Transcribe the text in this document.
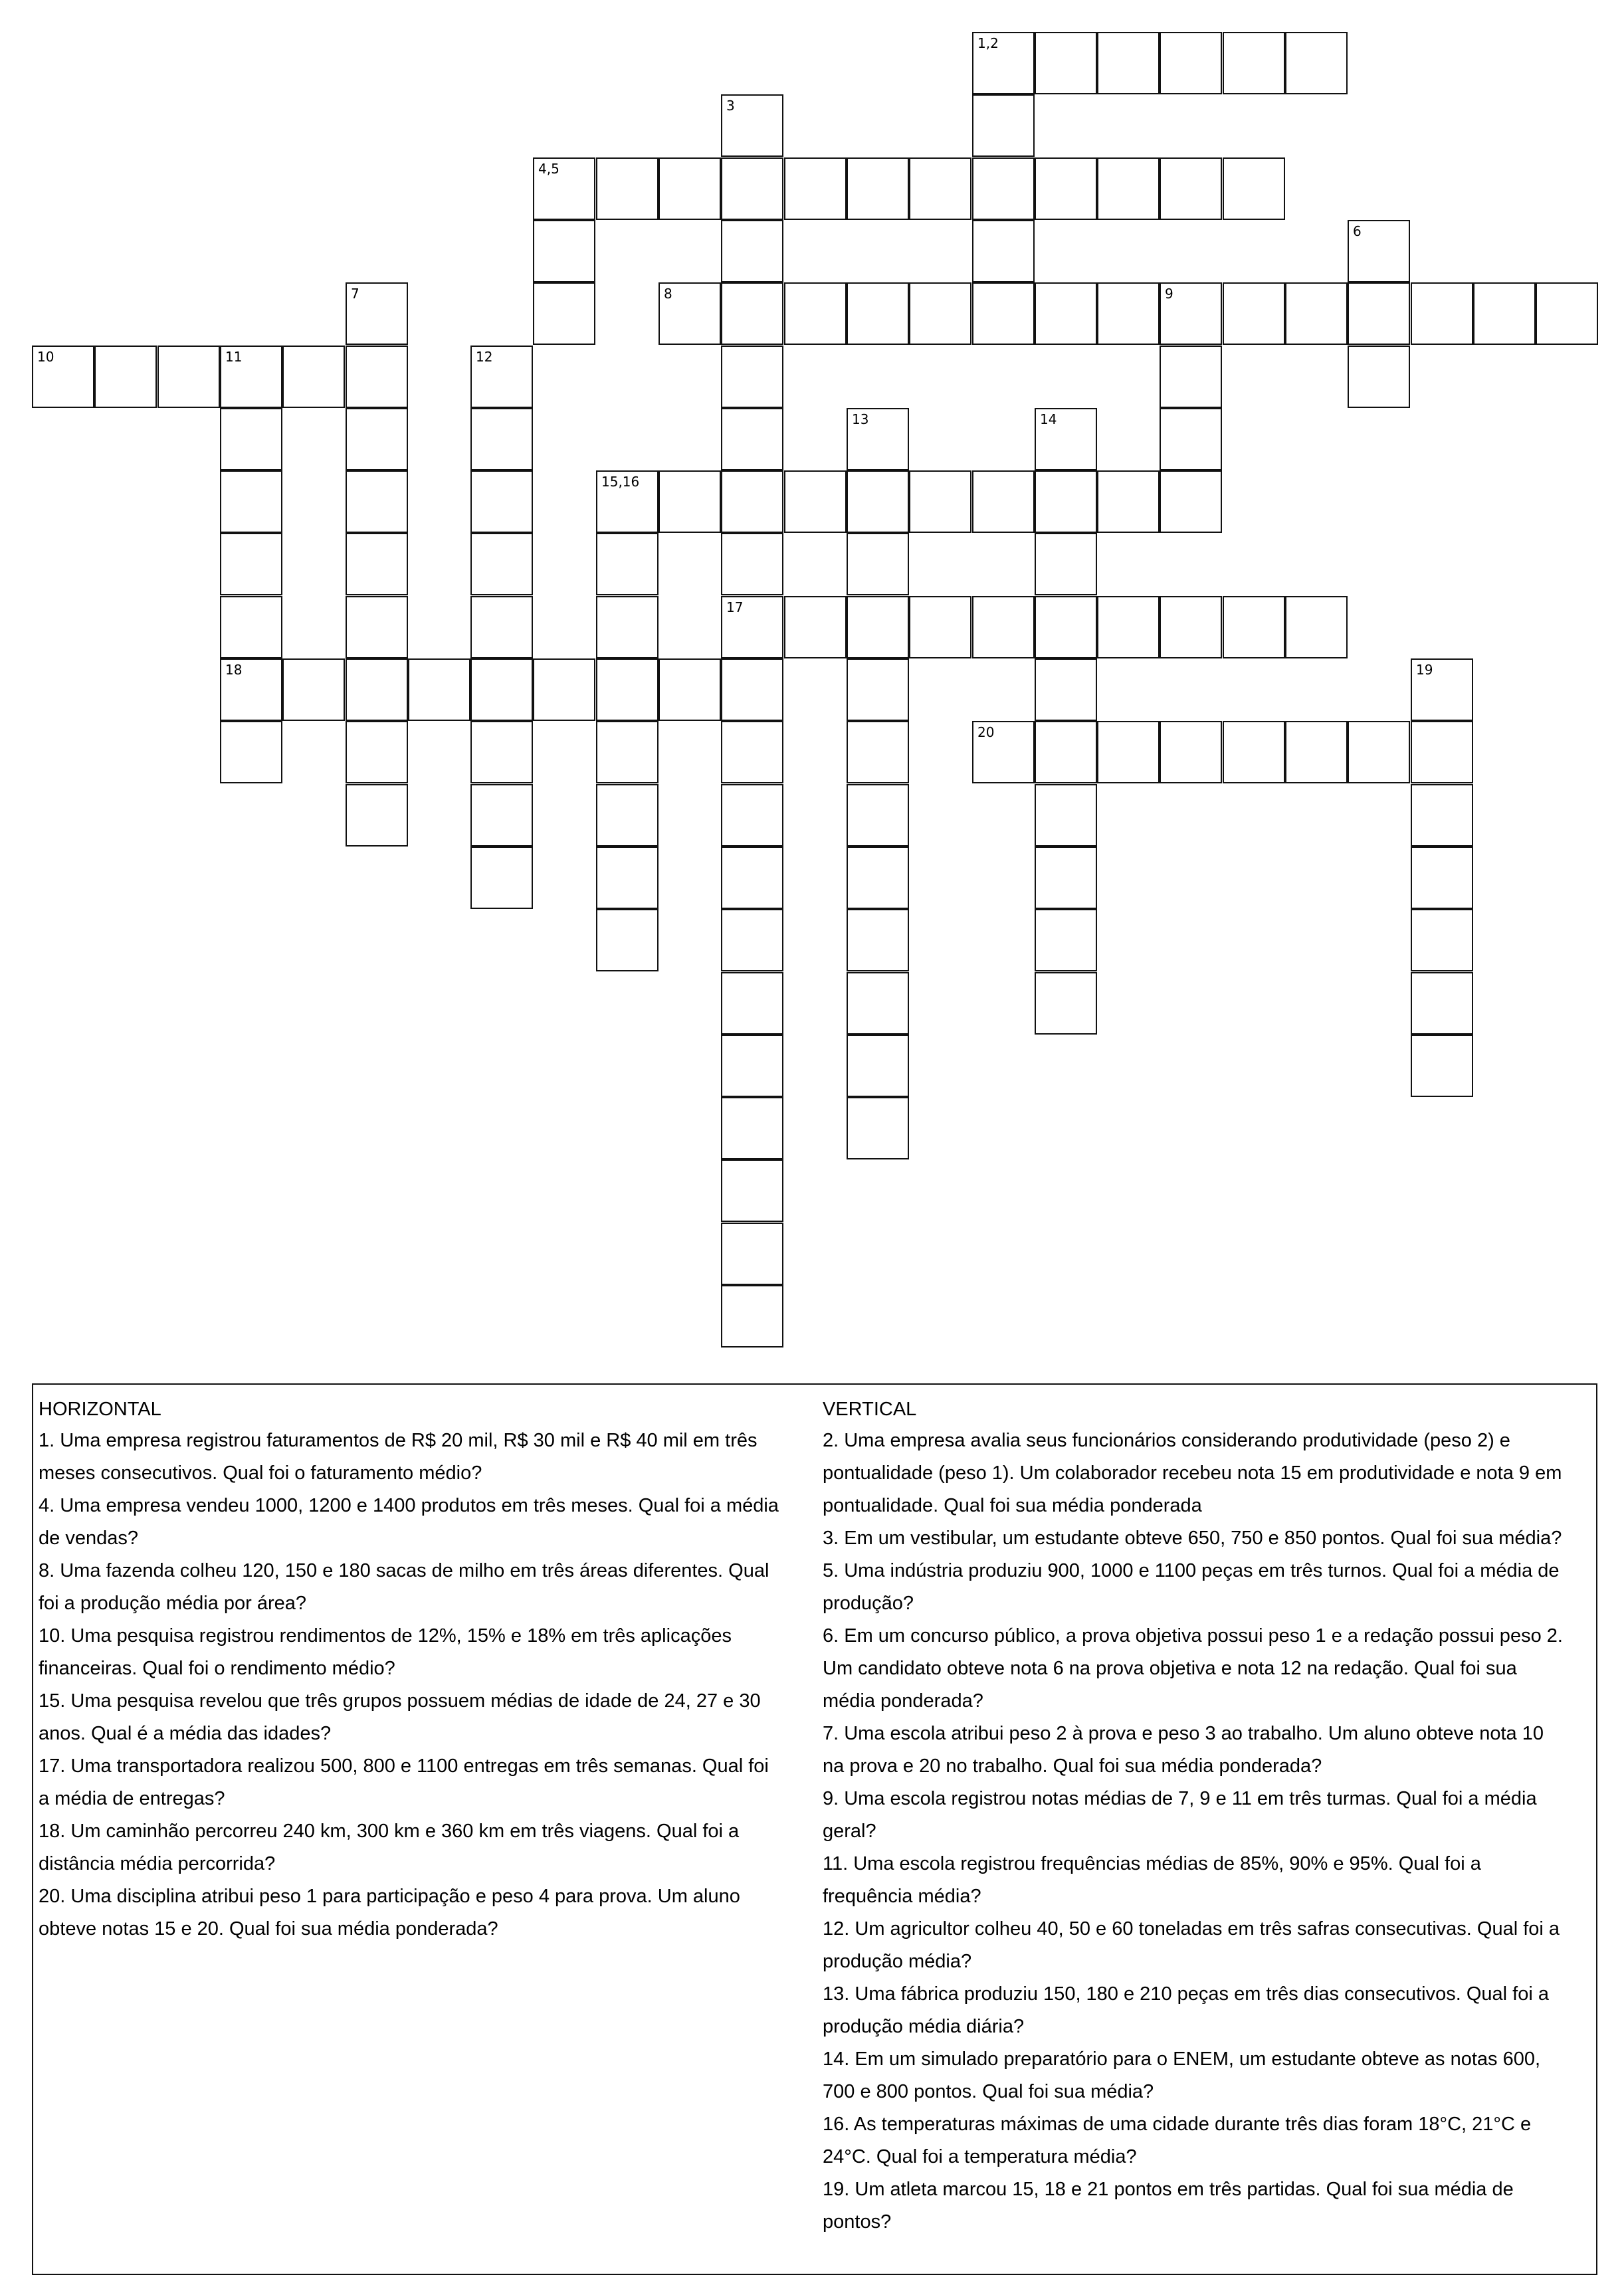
1,2
3
4,5
6
7	8	9
10	11	12
13	14
15,16
17
18	19
20
HORIZONTAL

1. Uma empresa registrou faturamentos de R$ 20 mil, R$ 30 mil e R$ 40 mil em três

meses consecutivos. Qual foi o faturamento médio?

4. Uma empresa vendeu 1000, 1200 e 1400 produtos em três meses. Qual foi a média

de vendas?

8. Uma fazenda colheu 120, 150 e 180 sacas de milho em três áreas diferentes. Qual

foi a produção média por área?

10. Uma pesquisa registrou rendimentos de 12%, 15% e 18% em três aplicações

financeiras. Qual foi o rendimento médio?

15. Uma pesquisa revelou que três grupos possuem médias de idade de 24, 27 e 30

anos. Qual é a média das idades?

17. Uma transportadora realizou 500, 800 e 1100 entregas em três semanas. Qual foi

a média de entregas?

18. Um caminhão percorreu 240 km, 300 km e 360 km em três viagens. Qual foi a

distância média percorrida?

20. Uma disciplina atribui peso 1 para participação e peso 4 para prova. Um aluno

obteve notas 15 e 20. Qual foi sua média ponderada?

VERTICAL

2. Uma empresa avalia seus funcionários considerando produtividade (peso 2) e

pontualidade (peso 1). Um colaborador recebeu nota 15 em produtividade e nota 9 em

pontualidade. Qual foi sua média ponderada

3. Em um vestibular, um estudante obteve 650, 750 e 850 pontos. Qual foi sua média?

5. Uma indústria produziu 900, 1000 e 1100 peças em três turnos. Qual foi a média de

produção?

6. Em um concurso público, a prova objetiva possui peso 1 e a redação possui peso 2.

Um candidato obteve nota 6 na prova objetiva e nota 12 na redação. Qual foi sua

média ponderada?

7. Uma escola atribui peso 2 à prova e peso 3 ao trabalho. Um aluno obteve nota 10

na prova e 20 no trabalho. Qual foi sua média ponderada?

9. Uma escola registrou notas médias de 7, 9 e 11 em três turmas. Qual foi a média

geral?

11. Uma escola registrou frequências médias de 85%, 90% e 95%. Qual foi a

frequência média?

12. Um agricultor colheu 40, 50 e 60 toneladas em três safras consecutivas. Qual foi a

produção média?

13. Uma fábrica produziu 150, 180 e 210 peças em três dias consecutivos. Qual foi a

produção média diária?

14. Em um simulado preparatório para o ENEM, um estudante obteve as notas 600,

700 e 800 pontos. Qual foi sua média?

16. As temperaturas máximas de uma cidade durante três dias foram 18°C, 21°C e

24°C. Qual foi a temperatura média?

19. Um atleta marcou 15, 18 e 21 pontos em três partidas. Qual foi sua média de

pontos?
